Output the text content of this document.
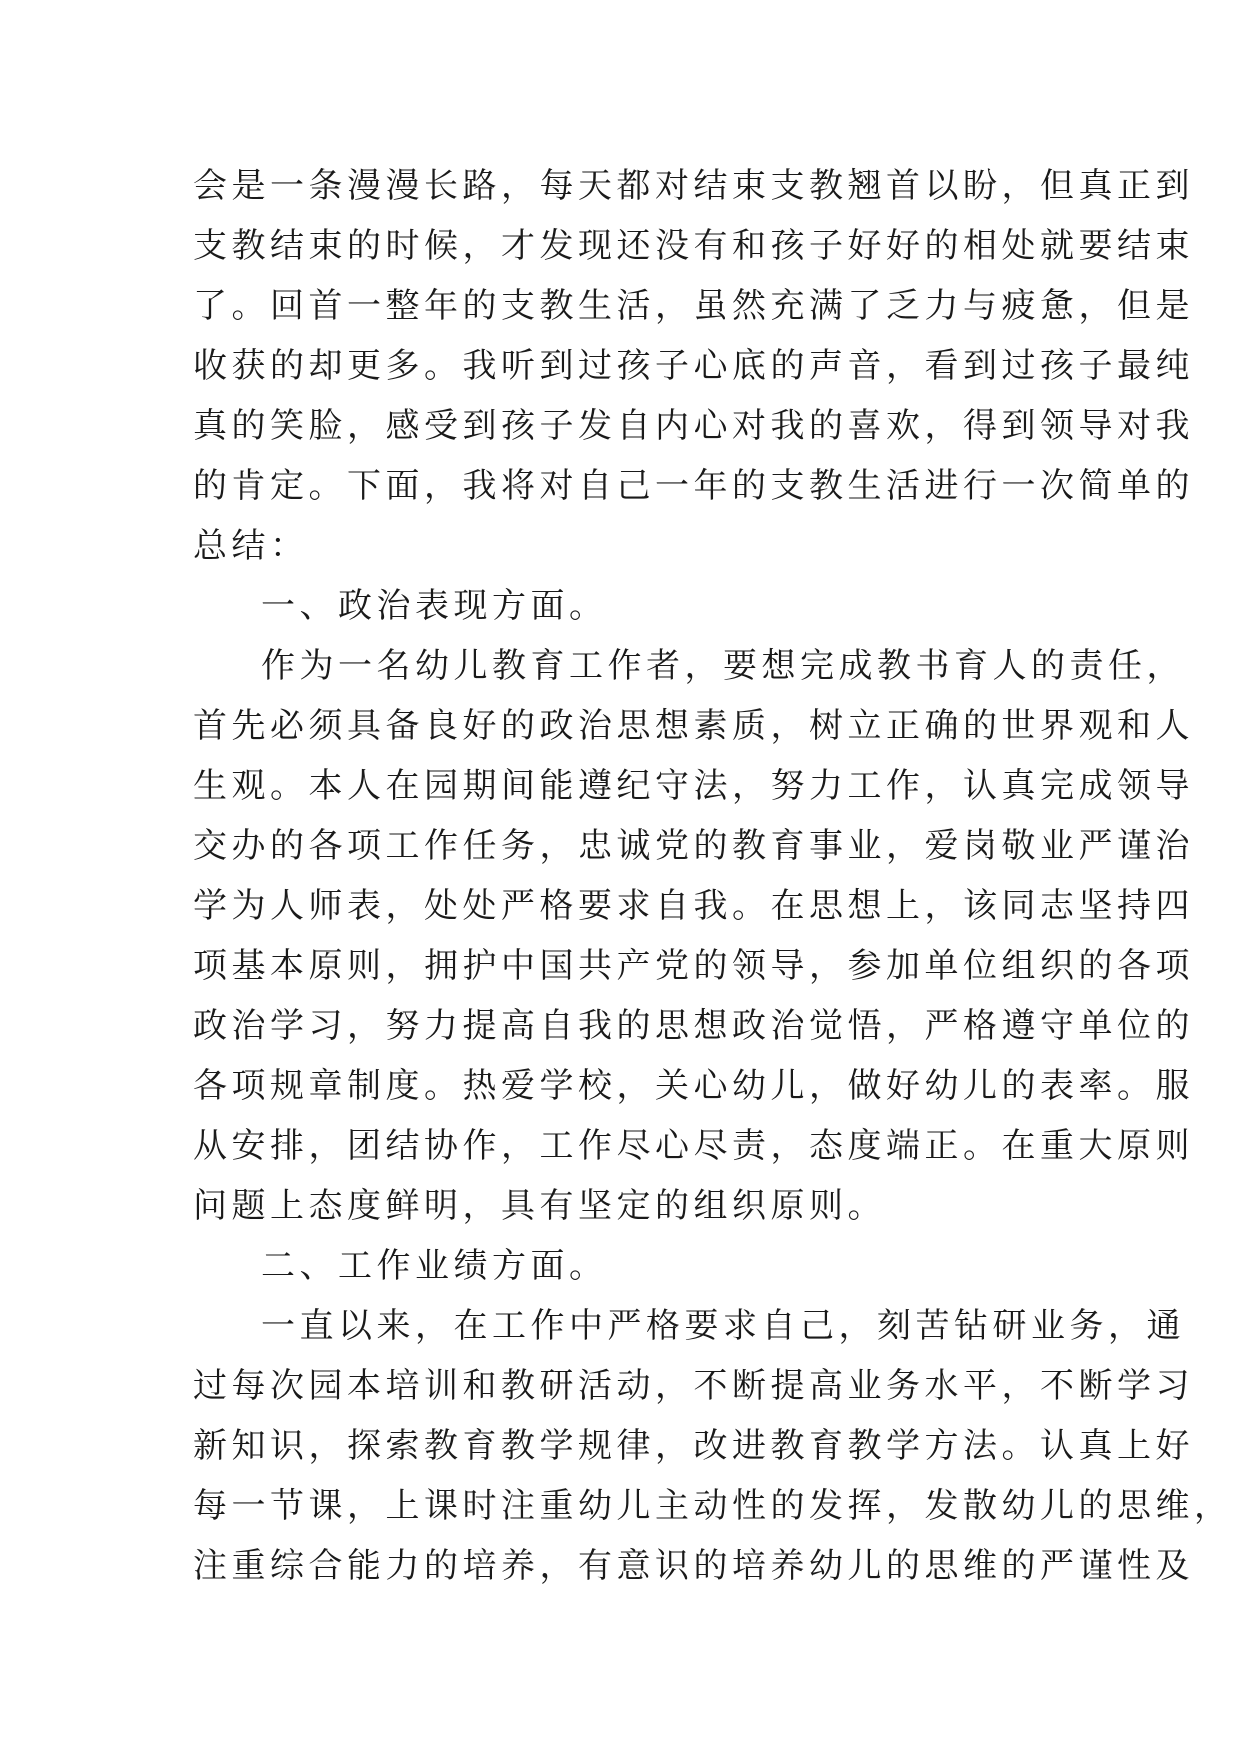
会是一条漫漫长路，每天都对结束支教翘首以盼，但真正到
支教结束的时候，才发现还没有和孩子好好的相处就要结束
了。回首一整年的支教生活，虽然充满了乏力与疲惫，但是
收获的却更多。我听到过孩子心底的声音，看到过孩子最纯
真的笑脸，感受到孩子发自内心对我的喜欢，得到领导对我
的肯定。下面，我将对自己一年的支教生活进行一次简单的
总结：
一、政治表现方面。
作为一名幼儿教育工作者，要想完成教书育人的责任，
首先必须具备良好的政治思想素质，树立正确的世界观和人
生观。本人在园期间能遵纪守法，努力工作，认真完成领导
交办的各项工作任务，忠诚党的教育事业，爱岗敬业严谨治
学为人师表，处处严格要求自我。在思想上，该同志坚持四
项基本原则，拥护中国共产党的领导，参加单位组织的各项
政治学习，努力提高自我的思想政治觉悟，严格遵守单位的
各项规章制度。热爱学校，关心幼儿，做好幼儿的表率。服
从安排，团结协作，工作尽心尽责，态度端正。在重大原则
问题上态度鲜明，具有坚定的组织原则。
二、工作业绩方面。
一直以来，在工作中严格要求自己，刻苦钻研业务，通
过每次园本培训和教研活动，不断提高业务水平，不断学习
新知识，探索教育教学规律，改进教育教学方法。认真上好
每一节课，上课时注重幼儿主动性的发挥，发散幼儿的思维，
注重综合能力的培养，有意识的培养幼儿的思维的严谨性及
